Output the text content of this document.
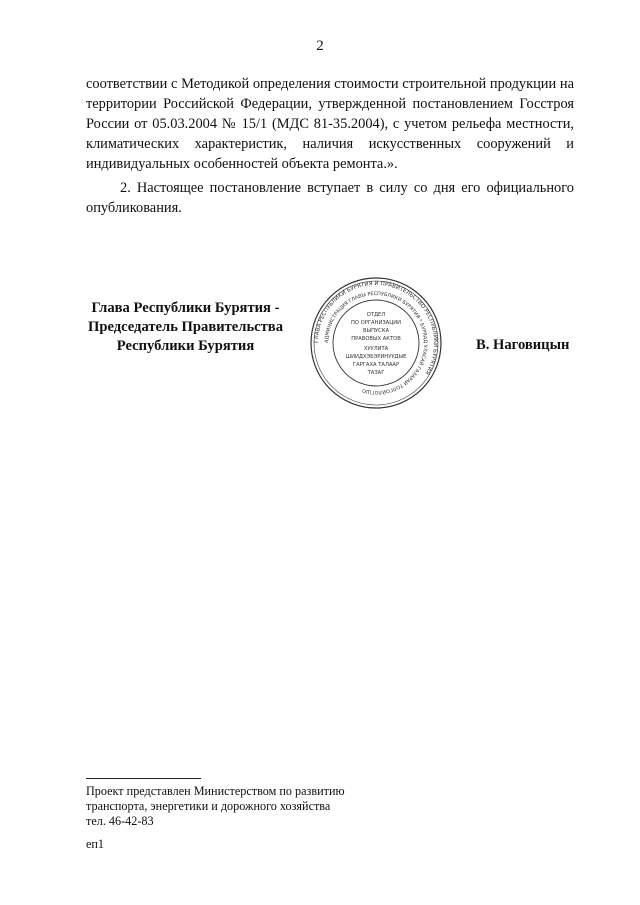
2
соответствии с Методикой определения стоимости строительной продукции на территории Российской Федерации, утвержденной постановлением Госстроя России от 05.03.2004 № 15/1 (МДС 81-35.2004), с учетом рельефа местности, климатических характеристик, наличия искусственных сооружений и индивидуальных особенностей объекта ремонта.».
2. Настоящее постановление вступает в силу со дня его официального опубликования.
Глава Республики Бурятия -
Председатель Правительства
Республики Бурятия	ГЛАВА РЕСПУБЛИКИ БУРЯТИЯ И ПРАВИТЕЛЬСТВО РЕСПУБЛИКИ БУРЯТИЯ
АДМИНИСТРАЦИЯ ГЛАВЫ РЕСПУБЛИКИ БУРЯТИЯ * БУРЯАД УЛАСАЙ ГАЗАРАЙ ТОЛГОЙЛОГШО
ОТДЕЛ
ПО ОРГАНИЗАЦИИ
ВЫПУСКА
ПРАВОВЫХ АКТОВ
ХУУЛИТА
ШИИДХЭБЭРИНУУДЫЕ
ГАРГАХА ТАЛААР
ТАЗАГ
В. Наговицын
Проект представлен Министерством по развитию
транспорта, энергетики и дорожного хозяйства
тел. 46-42-83
еп1
